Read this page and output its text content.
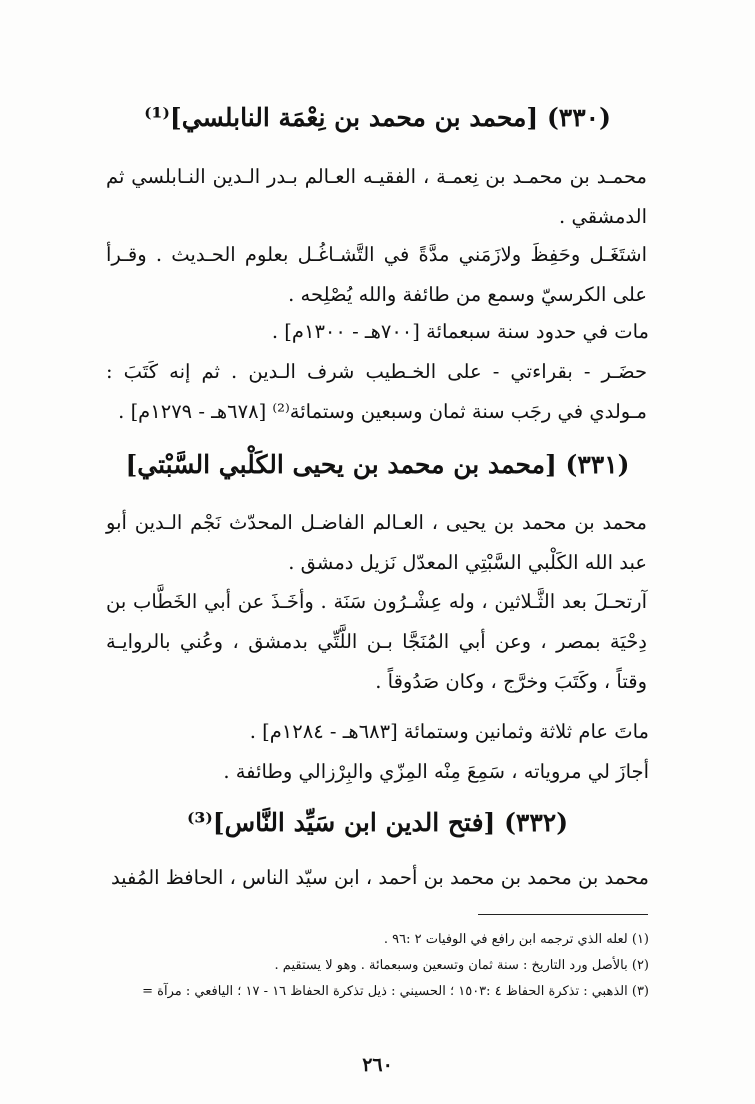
(٣٣٠) [محمد بن محمد بن نِعْمَة النابلسي]⁽¹⁾
محمـد بن محمـد بن نِعمـة ، الفقيـه العـالم بـدر الـدين النـابلسي ثم الدمشقي .
اشتَغَـل وحَفِظَ ولازَمَني مدَّةً في التَّشـاغُـل بعلوم الحـديث . وقـرأ على الكرسيّ وسمع من طائفة والله يُصْلِحه .
مات في حدود سنة سبعمائة [٧٠٠هـ - ١٣٠٠م] .
حضَـر - بقراءتي - على الخـطيب شرف الـدين . ثم إنه كَتَبَ : مـولدي في رجَب سنة ثمان وسبعين وستمائة⁽²⁾ [٦٧٨هـ - ١٢٧٩م] .
(٣٣١) [محمد بن محمد بن يحيى الكَلْبي السَّبْتي]
محمد بن محمد بن يحيى ، العـالم الفاضـل المحدّث نَجْم الـدين أبو عبد الله الكَلْبي السَّبْتِي المعدّل نَزيل دمشق .
آرتحـلَ بعد الثَّـلاثين ، وله عِشْـرُون سَنَة . وأخَـذَ عن أبي الخَطَّاب بن دِحْيَة بمصر ، وعن أبي المُنَجَّا بـن اللَّتِّي بدمشق ، وعُني بالروايـة وقتاً ، وكَتَبَ وخرَّج ، وكان صَدُوقاً .
ماتَ عام ثلاثة وثمانين وستمائة [٦٨٣هـ - ١٢٨٤م] .
أجازَ لي مروياته ، سَمِعَ مِنْه المِزّي والبِرْزالي وطائفة .
(٣٣٢) [فتح الدين ابن سَيِّد النَّاس]⁽³⁾
محمد بن محمد بن محمد بن أحمد ، ابن سيّد الناس ، الحافظ المُفيد
(١) لعله الذي ترجمه ابن رافع في الوفيات ٢ :٩٦ .
(٢) بالأصل ورد التاريخ : سنة ثمان وتسعين وسبعمائة . وهو لا يستقيم .
(٣) الذهبي : تذكرة الحفاظ ٤ :١٥٠٣ ؛ الحسيني : ذيل تذكرة الحفاظ ١٦ - ١٧ ؛ اليافعي : مرآة =
٢٦٠
